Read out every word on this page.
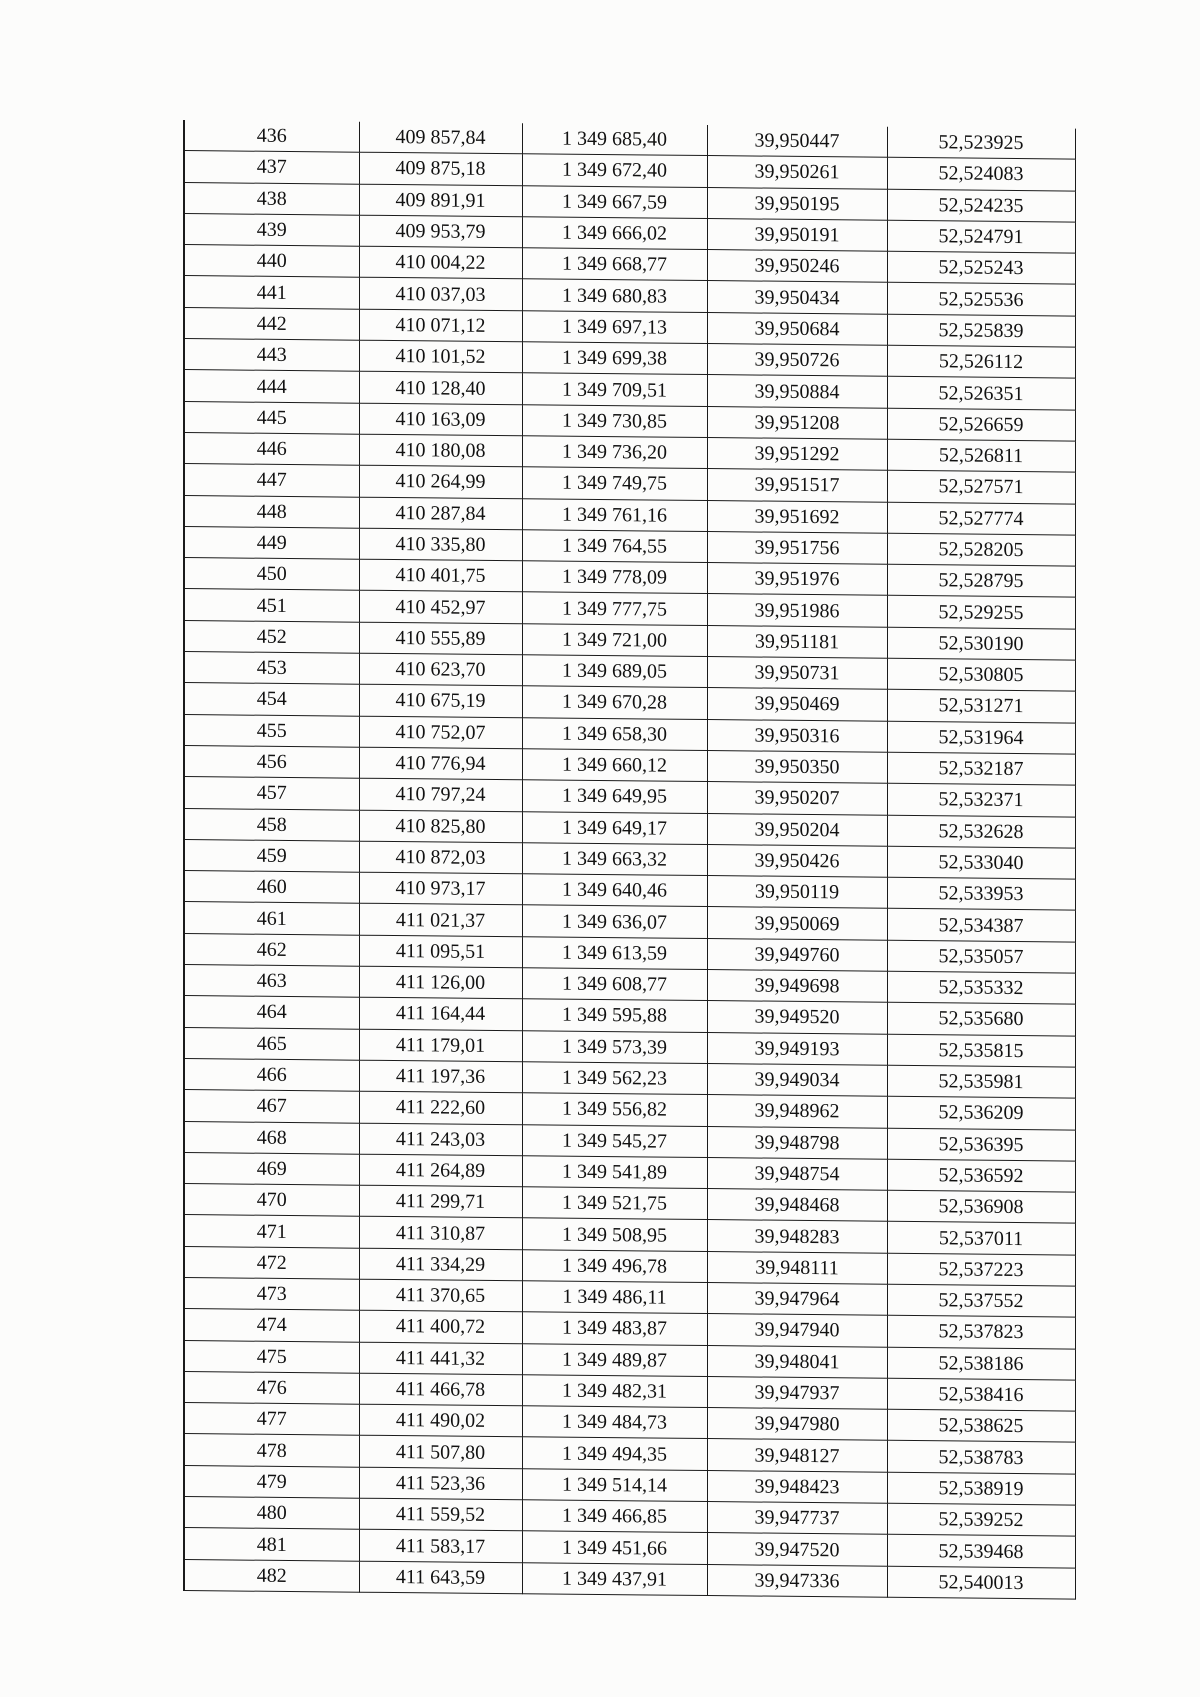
436	409 857,84	1 349 685,40	39,950447	52,523925
437	409 875,18	1 349 672,40	39,950261	52,524083
438	409 891,91	1 349 667,59	39,950195	52,524235
439	409 953,79	1 349 666,02	39,950191	52,524791
440	410 004,22	1 349 668,77	39,950246	52,525243
441	410 037,03	1 349 680,83	39,950434	52,525536
442	410 071,12	1 349 697,13	39,950684	52,525839
443	410 101,52	1 349 699,38	39,950726	52,526112
444	410 128,40	1 349 709,51	39,950884	52,526351
445	410 163,09	1 349 730,85	39,951208	52,526659
446	410 180,08	1 349 736,20	39,951292	52,526811
447	410 264,99	1 349 749,75	39,951517	52,527571
448	410 287,84	1 349 761,16	39,951692	52,527774
449	410 335,80	1 349 764,55	39,951756	52,528205
450	410 401,75	1 349 778,09	39,951976	52,528795
451	410 452,97	1 349 777,75	39,951986	52,529255
452	410 555,89	1 349 721,00	39,951181	52,530190
453	410 623,70	1 349 689,05	39,950731	52,530805
454	410 675,19	1 349 670,28	39,950469	52,531271
455	410 752,07	1 349 658,30	39,950316	52,531964
456	410 776,94	1 349 660,12	39,950350	52,532187
457	410 797,24	1 349 649,95	39,950207	52,532371
458	410 825,80	1 349 649,17	39,950204	52,532628
459	410 872,03	1 349 663,32	39,950426	52,533040
460	410 973,17	1 349 640,46	39,950119	52,533953
461	411 021,37	1 349 636,07	39,950069	52,534387
462	411 095,51	1 349 613,59	39,949760	52,535057
463	411 126,00	1 349 608,77	39,949698	52,535332
464	411 164,44	1 349 595,88	39,949520	52,535680
465	411 179,01	1 349 573,39	39,949193	52,535815
466	411 197,36	1 349 562,23	39,949034	52,535981
467	411 222,60	1 349 556,82	39,948962	52,536209
468	411 243,03	1 349 545,27	39,948798	52,536395
469	411 264,89	1 349 541,89	39,948754	52,536592
470	411 299,71	1 349 521,75	39,948468	52,536908
471	411 310,87	1 349 508,95	39,948283	52,537011
472	411 334,29	1 349 496,78	39,948111	52,537223
473	411 370,65	1 349 486,11	39,947964	52,537552
474	411 400,72	1 349 483,87	39,947940	52,537823
475	411 441,32	1 349 489,87	39,948041	52,538186
476	411 466,78	1 349 482,31	39,947937	52,538416
477	411 490,02	1 349 484,73	39,947980	52,538625
478	411 507,80	1 349 494,35	39,948127	52,538783
479	411 523,36	1 349 514,14	39,948423	52,538919
480	411 559,52	1 349 466,85	39,947737	52,539252
481	411 583,17	1 349 451,66	39,947520	52,539468
482	411 643,59	1 349 437,91	39,947336	52,540013
